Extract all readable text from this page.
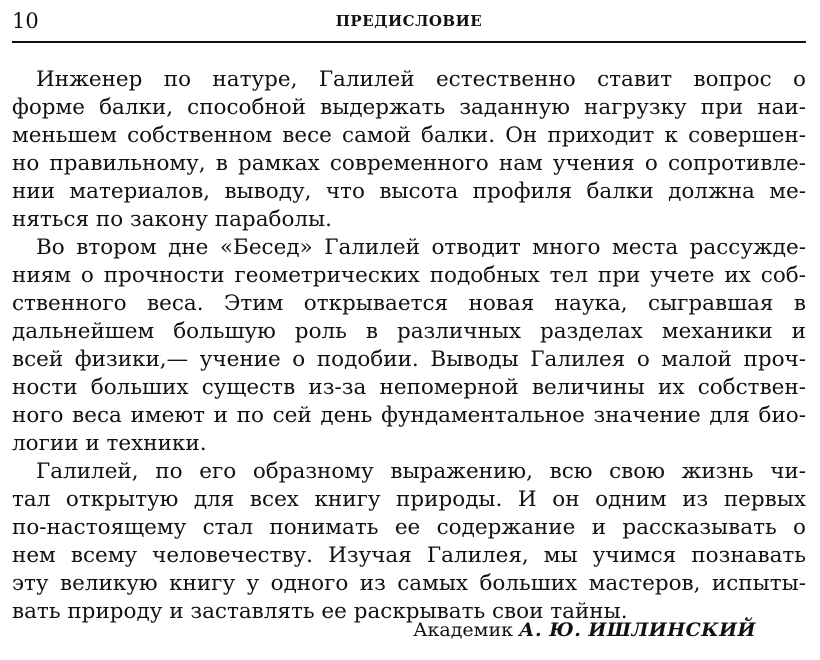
10	ПРЕДИСЛОВИЕ
Инженер по натуре, Галилей естественно ставит вопрос о
форме балки, способной выдержать заданную нагрузку при наи-
меньшем собственном весе самой балки. Он приходит к совершен-
но правильному, в рамках современного нам учения о сопротивле-
нии материалов, выводу, что высота профиля балки должна ме-
няться по закону параболы.
Во втором дне «Бесед» Галилей отводит много места рассужде-
ниям о прочности геометрических подобных тел при учете их соб-
ственного веса. Этим открывается новая наука, сыгравшая в
дальнейшем большую роль в различных разделах механики и
всей физики,— учение о подобии. Выводы Галилея о малой проч-
ности больших существ из-за непомерной величины их собствен-
ного веса имеют и по сей день фундаментальное значение для био-
логии и техники.
Галилей, по его образному выражению, всю свою жизнь чи-
тал открытую для всех книгу природы. И он одним из первых
по-настоящему стал понимать ее содержание и рассказывать о
нем всему человечеству. Изучая Галилея, мы учимся познавать
эту великую книгу у одного из самых больших мастеров, испыты-
вать природу и заставлять ее раскрывать свои тайны.
Академик А. Ю. ИШЛИНСКИЙ
